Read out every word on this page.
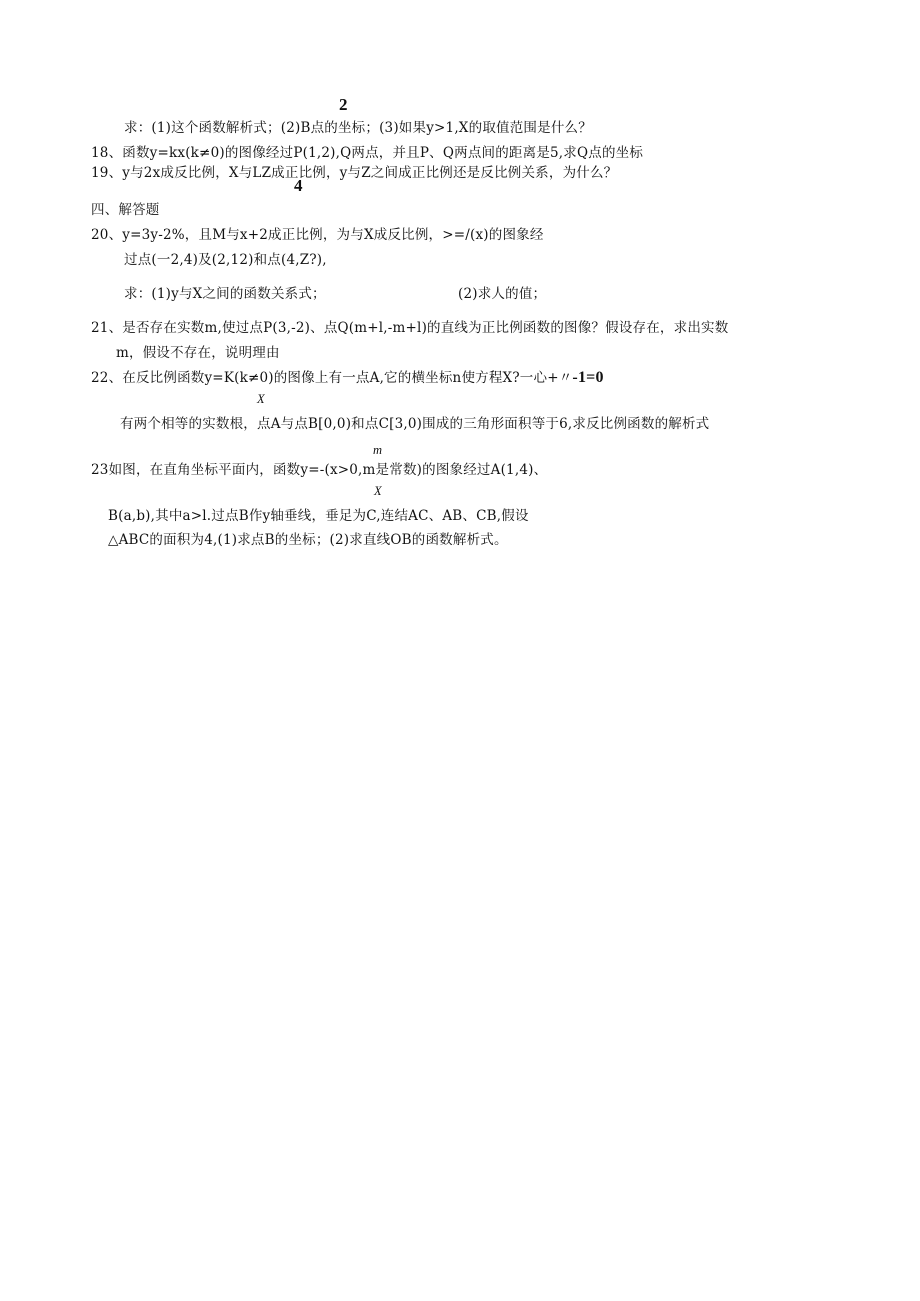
2
求：(1)这个函数解析式；(2)B点的坐标；(3)如果y>1,X的取值范围是什么？
18、函数y=kx(k≠0)的图像经过P(1,2),Q两点，并且P、Q两点间的距离是5,求Q点的坐标
19、y与2x成反比例，X与LZ成正比例，y与Z之间成正比例还是反比例关系，为什么？
4
四、解答题
20、y=3y-2%，且M与x+2成正比例，为与X成反比例，>=/(x)的图象经
过点(一2,4)及(2,12)和点(4,Z?),
求：(1)y与X之间的函数关系式；	(2)求人的值；
21、是否存在实数m,使过点P(3,-2)、点Q(m+l,-m+l)的直线为正比例函数的图像？假设存在，求出实数
m，假设不存在，说明理由
22、在反比例函数y=K(k≠0)的图像上有一点A,它的横坐标n使方程X?一心+〃-1=0
X
有两个相等的实数根，点A与点B[0,0)和点C[3,0)围成的三角形面积等于6,求反比例函数的解析式
m
23如图，在直角坐标平面内，函数y=-(x>0,m是常数)的图象经过A(1,4)、
X
B(a,b),其中a>l.过点B作y轴垂线，垂足为C,连结AC、AB、CB,假设
△ABC的面积为4,(1)求点B的坐标；(2)求直线OB的函数解析式。
